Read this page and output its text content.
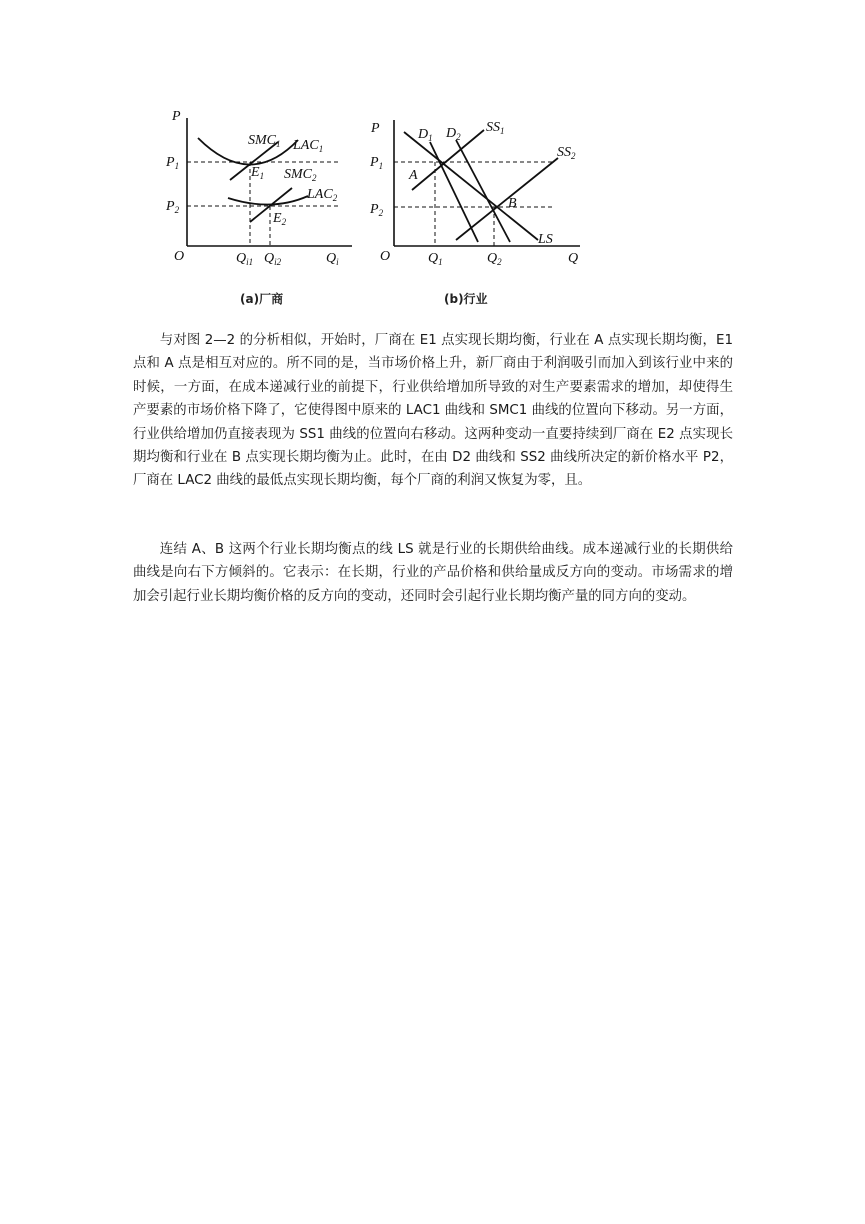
P
O
$P_1$
$P_2$
$SMC_1$ $LAC_1$
$E_1$ $SMC_2$
$LAC_2$
$E_2$
$Q_{i1}$ $Q_{i2}$	$Q_i$
(a)厂商
P
O
$P_1$
$P_2$
$D_1$ $D_2$
$SS_1$
$SS_2$
A
B
LS
$Q_1$	$Q_2$	Q
(b)行业

与对图 2—2 的分析相似，开始时，厂商在 E1 点实现长期均衡，行业在 A 点实现长期均衡，E1 点和 A 点是相互对应的。所不同的是，当市场价格上升，新厂商由于利润吸引而加入到该行业中来的时候，一方面，在成本递减行业的前提下，行业供给增加所导致的对生产要素需求的增加，却使得生产要素的市场价格下降了，它使得图中原来的 LAC1 曲线和 SMC1 曲线的位置向下移动。另一方面，行业供给增加仍直接表现为 SS1 曲线的位置向右移动。这两种变动一直要持续到厂商在 E2 点实现长期均衡和行业在 B 点实现长期均衡为止。此时，在由 D2 曲线和 SS2 曲线所决定的新价格水平 P2，厂商在 LAC2 曲线的最低点实现长期均衡，每个厂商的利润又恢复为零，且。

连结 A、B 这两个行业长期均衡点的线 LS 就是行业的长期供给曲线。成本递减行业的长期供给曲线是向右下方倾斜的。它表示：在长期，行业的产品价格和供给量成反方向的变动。市场需求的增加会引起行业长期均衡价格的反方向的变动，还同时会引起行业长期均衡产量的同方向的变动。
